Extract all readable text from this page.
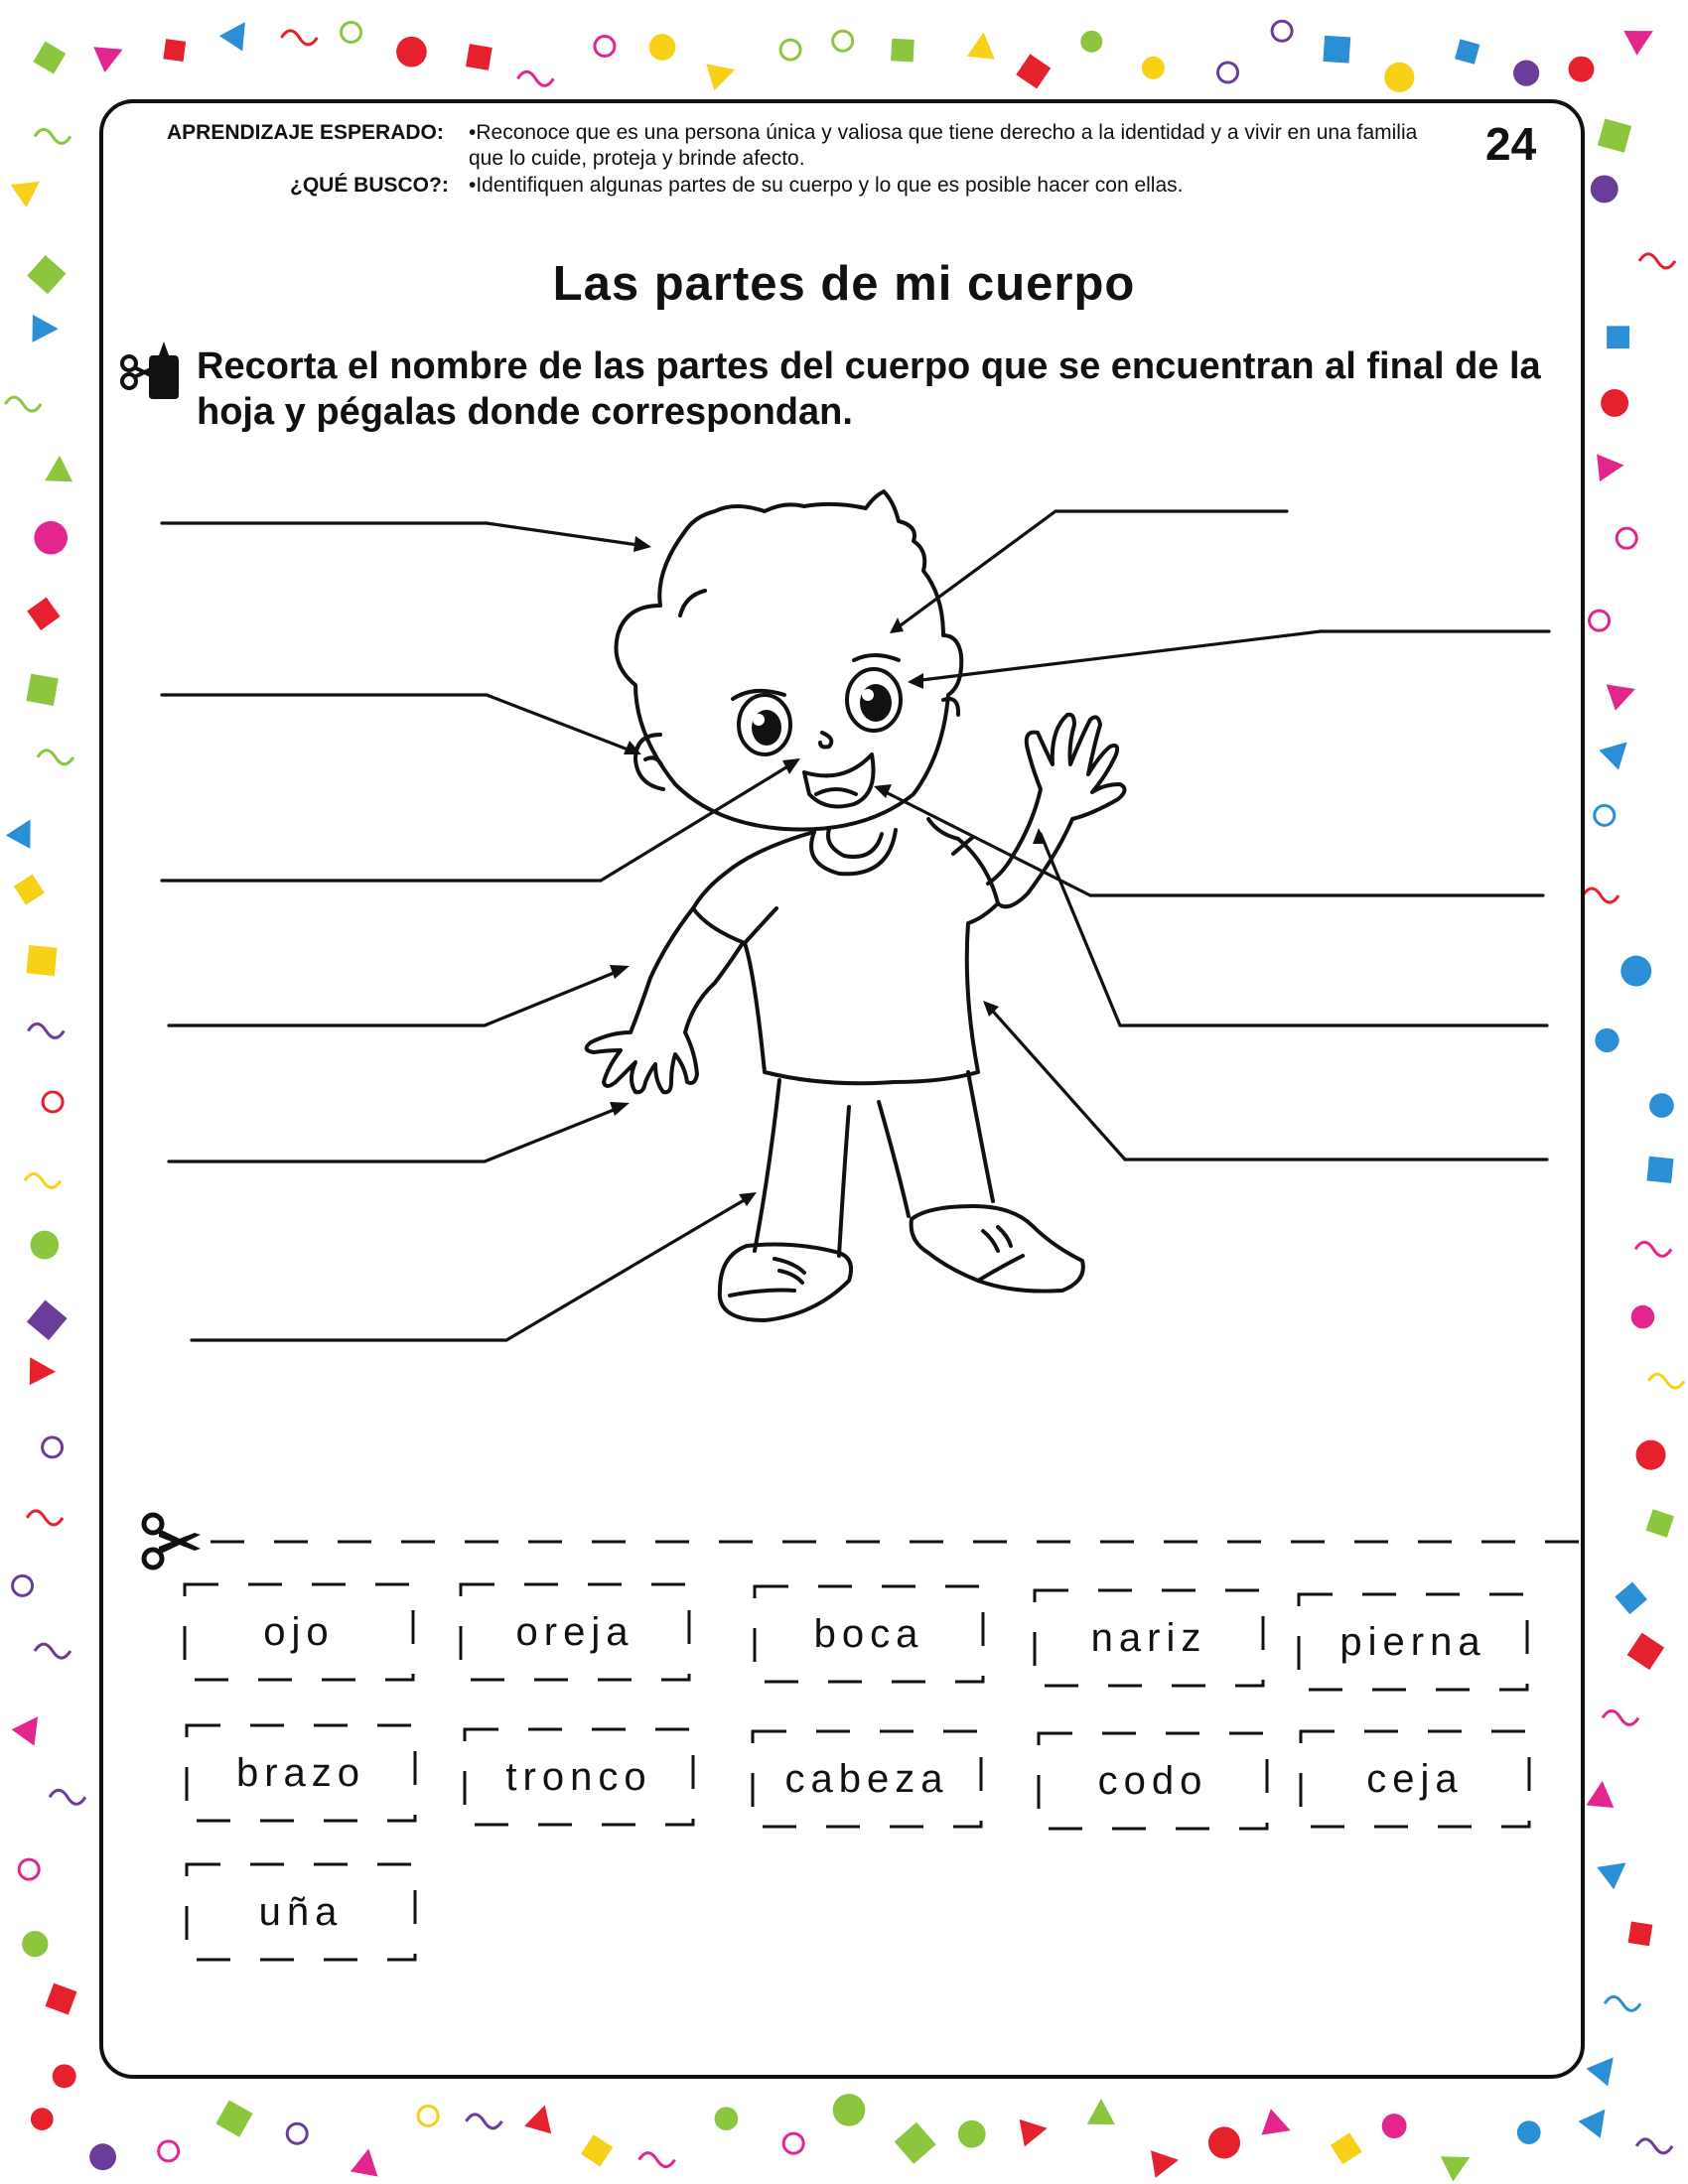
APRENDIZAJE ESPERADO: •Reconoce que es una persona única y valiosa que tiene derecho a la identidad y a vivir en una familia que lo cuide, proteja y brinde afecto.
¿QUÉ BUSCO?: •Identifiquen algunas partes de su cuerpo y lo que es posible hacer con ellas.
24
Las partes de mi cuerpo
Recorta el nombre de las partes del cuerpo que se encuentran al final de la hoja y pégalas donde correspondan.
ojo	oreja	boca	nariz	pierna
brazo	tronco	cabeza	codo	ceja
uña
